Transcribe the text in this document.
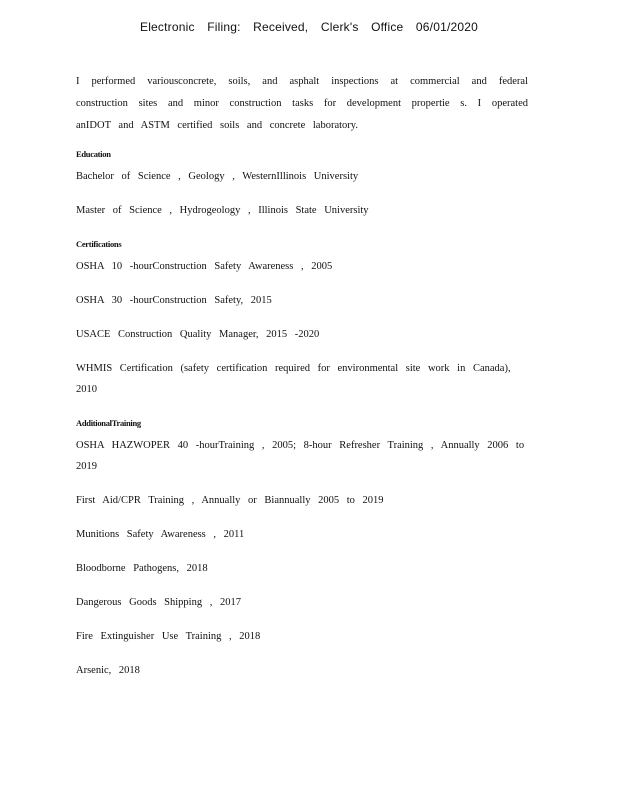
Electronic Filing: Received, Clerk's Office 06/01/2020

I performed variousconcrete, soils, and asphalt inspections at commercial and federal construction sites and minor construction tasks for development propertie s. I operated anIDOT and ASTM certified soils and concrete laboratory.

Education

Bachelor of Science , Geology , WesternIllinois University

Master of Science , Hydrogeology , Illinois State University

Certifications

OSHA 10 -hourConstruction Safety Awareness , 2005

OSHA 30 -hourConstruction Safety, 2015

USACE Construction Quality Manager, 2015 -2020

WHMIS Certification (safety certification required for environmental site work in Canada), 2010

AdditionalTraining

OSHA HAZWOPER 40 -hourTraining , 2005; 8-hour Refresher Training , Annually 2006 to 2019

First Aid/CPR Training , Annually or Biannually 2005 to 2019

Munitions Safety Awareness , 2011

Bloodborne Pathogens, 2018

Dangerous Goods Shipping , 2017

Fire Extinguisher Use Training , 2018

Arsenic, 2018
